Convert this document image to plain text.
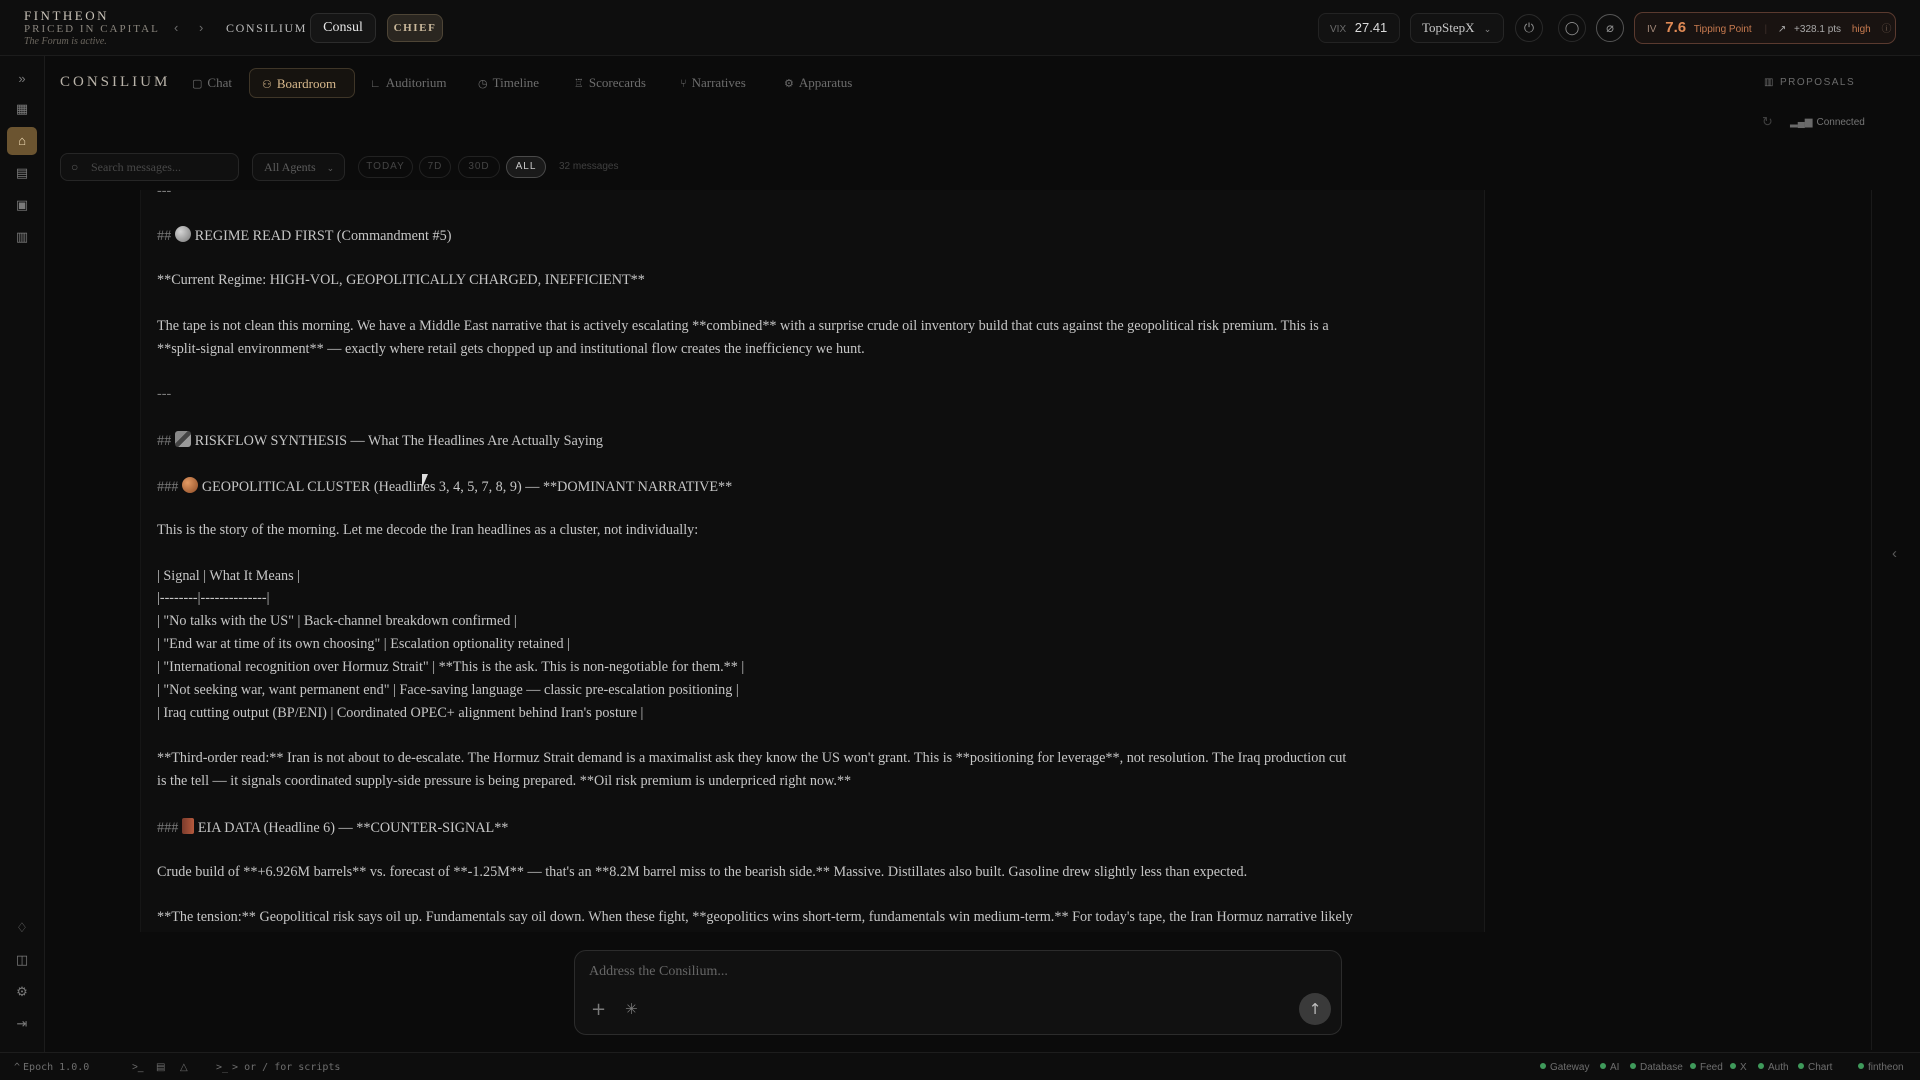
FINTHEON
PRICED IN CAPITAL
The Forum is active.
‹ › CONSILIUM	Consul	CHIEF	VIX 27.41	TopStepX ⌄	⏻	◯	⌀	IV 7.6 Tipping Point | ↗ +328.1 pts high ⓘ
»
▦
⌂
▤
▣
▥
♢
◫
⚙
⇥
CONSILIUM	▢ Chat	⚇ Boardroom	∟ Auditorium	◷ Timeline	♖ Scorecards	⑂ Narratives	⚙ Apparatus	▥ PROPOSALS
↻ ▂▄▆ Connected
○ Search messages...	All Agents ⌄	TODAY	7D	30D	ALL	32 messages
---
## REGIME READ FIRST (Commandment #5)
**Current Regime: HIGH-VOL, GEOPOLITICALLY CHARGED, INEFFICIENT**
The tape is not clean this morning. We have a Middle East narrative that is actively escalating **combined** with a surprise crude oil inventory build that cuts against the geopolitical risk premium. This is a
**split-signal environment** — exactly where retail gets chopped up and institutional flow creates the inefficiency we hunt.
---
## RISKFLOW SYNTHESIS — What The Headlines Are Actually Saying
### GEOPOLITICAL CLUSTER (Headlines 3, 4, 5, 7, 8, 9) — **DOMINANT NARRATIVE**
This is the story of the morning. Let me decode the Iran headlines as a cluster, not individually:
| Signal | What It Means |
|--------|--------------|
| "No talks with the US" | Back-channel breakdown confirmed |
| "End war at time of its own choosing" | Escalation optionality retained |
| "International recognition over Hormuz Strait" | **This is the ask. This is non-negotiable for them.** |
| "Not seeking war, want permanent end" | Face-saving language — classic pre-escalation positioning |
| Iraq cutting output (BP/ENI) | Coordinated OPEC+ alignment behind Iran's posture |
**Third-order read:** Iran is not about to de-escalate. The Hormuz Strait demand is a maximalist ask they know the US won't grant. This is **positioning for leverage**, not resolution. The Iraq production cut
is the tell — it signals coordinated supply-side pressure is being prepared. **Oil risk premium is underpriced right now.**
### EIA DATA (Headline 6) — **COUNTER-SIGNAL**
Crude build of **+6.926M barrels** vs. forecast of **-1.25M** — that's an **8.2M barrel miss to the bearish side.** Massive. Distillates also built. Gasoline drew slightly less than expected.
**The tension:** Geopolitical risk says oil up. Fundamentals say oil down. When these fight, **geopolitics wins short-term, fundamentals win medium-term.** For today's tape, the Iran Hormuz narrative likely
‹
Address the Consilium...
+ ✳	↑
^ Epoch 1.0.0	>_ ▤ △	>_ > or / for scripts	Gateway	AI	Database	Feed	X	Auth	Chart	fintheon
